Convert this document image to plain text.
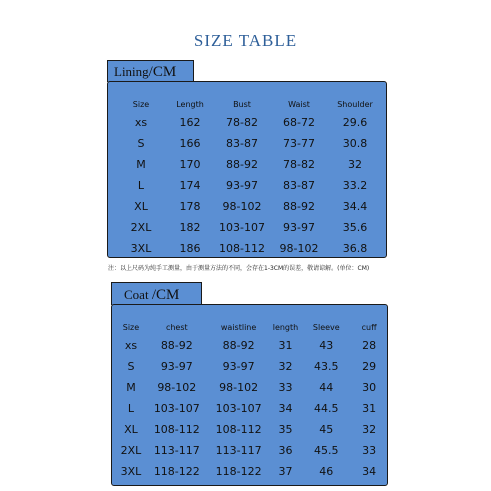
SIZE TABLE
Lining/CM
Size	Length	Bust	Waist	Shoulder
xs	162	78-82	68-72	29.6
S	166	83-87	73-77	30.8
M	170	88-92	78-82	32
L	174	93-97	83-87	33.2
XL	178	98-102	88-92	34.4
2XL	182	103-107	93-97	35.6
3XL	186	108-112	98-102	36.8
注：以上尺码为纯手工测量，由于测量方法的不同，会存在1-3CM的误差，敬请谅解。(单位：CM)
Coat /CM
Size	chest	waistline	length	Sleeve	cuff
xs	88-92	88-92	31	43	28
S	93-97	93-97	32	43.5	29
M	98-102	98-102	33	44	30
L	103-107	103-107	34	44.5	31
XL	108-112	108-112	35	45	32
2XL	113-117	113-117	36	45.5	33
3XL	118-122	118-122	37	46	34
